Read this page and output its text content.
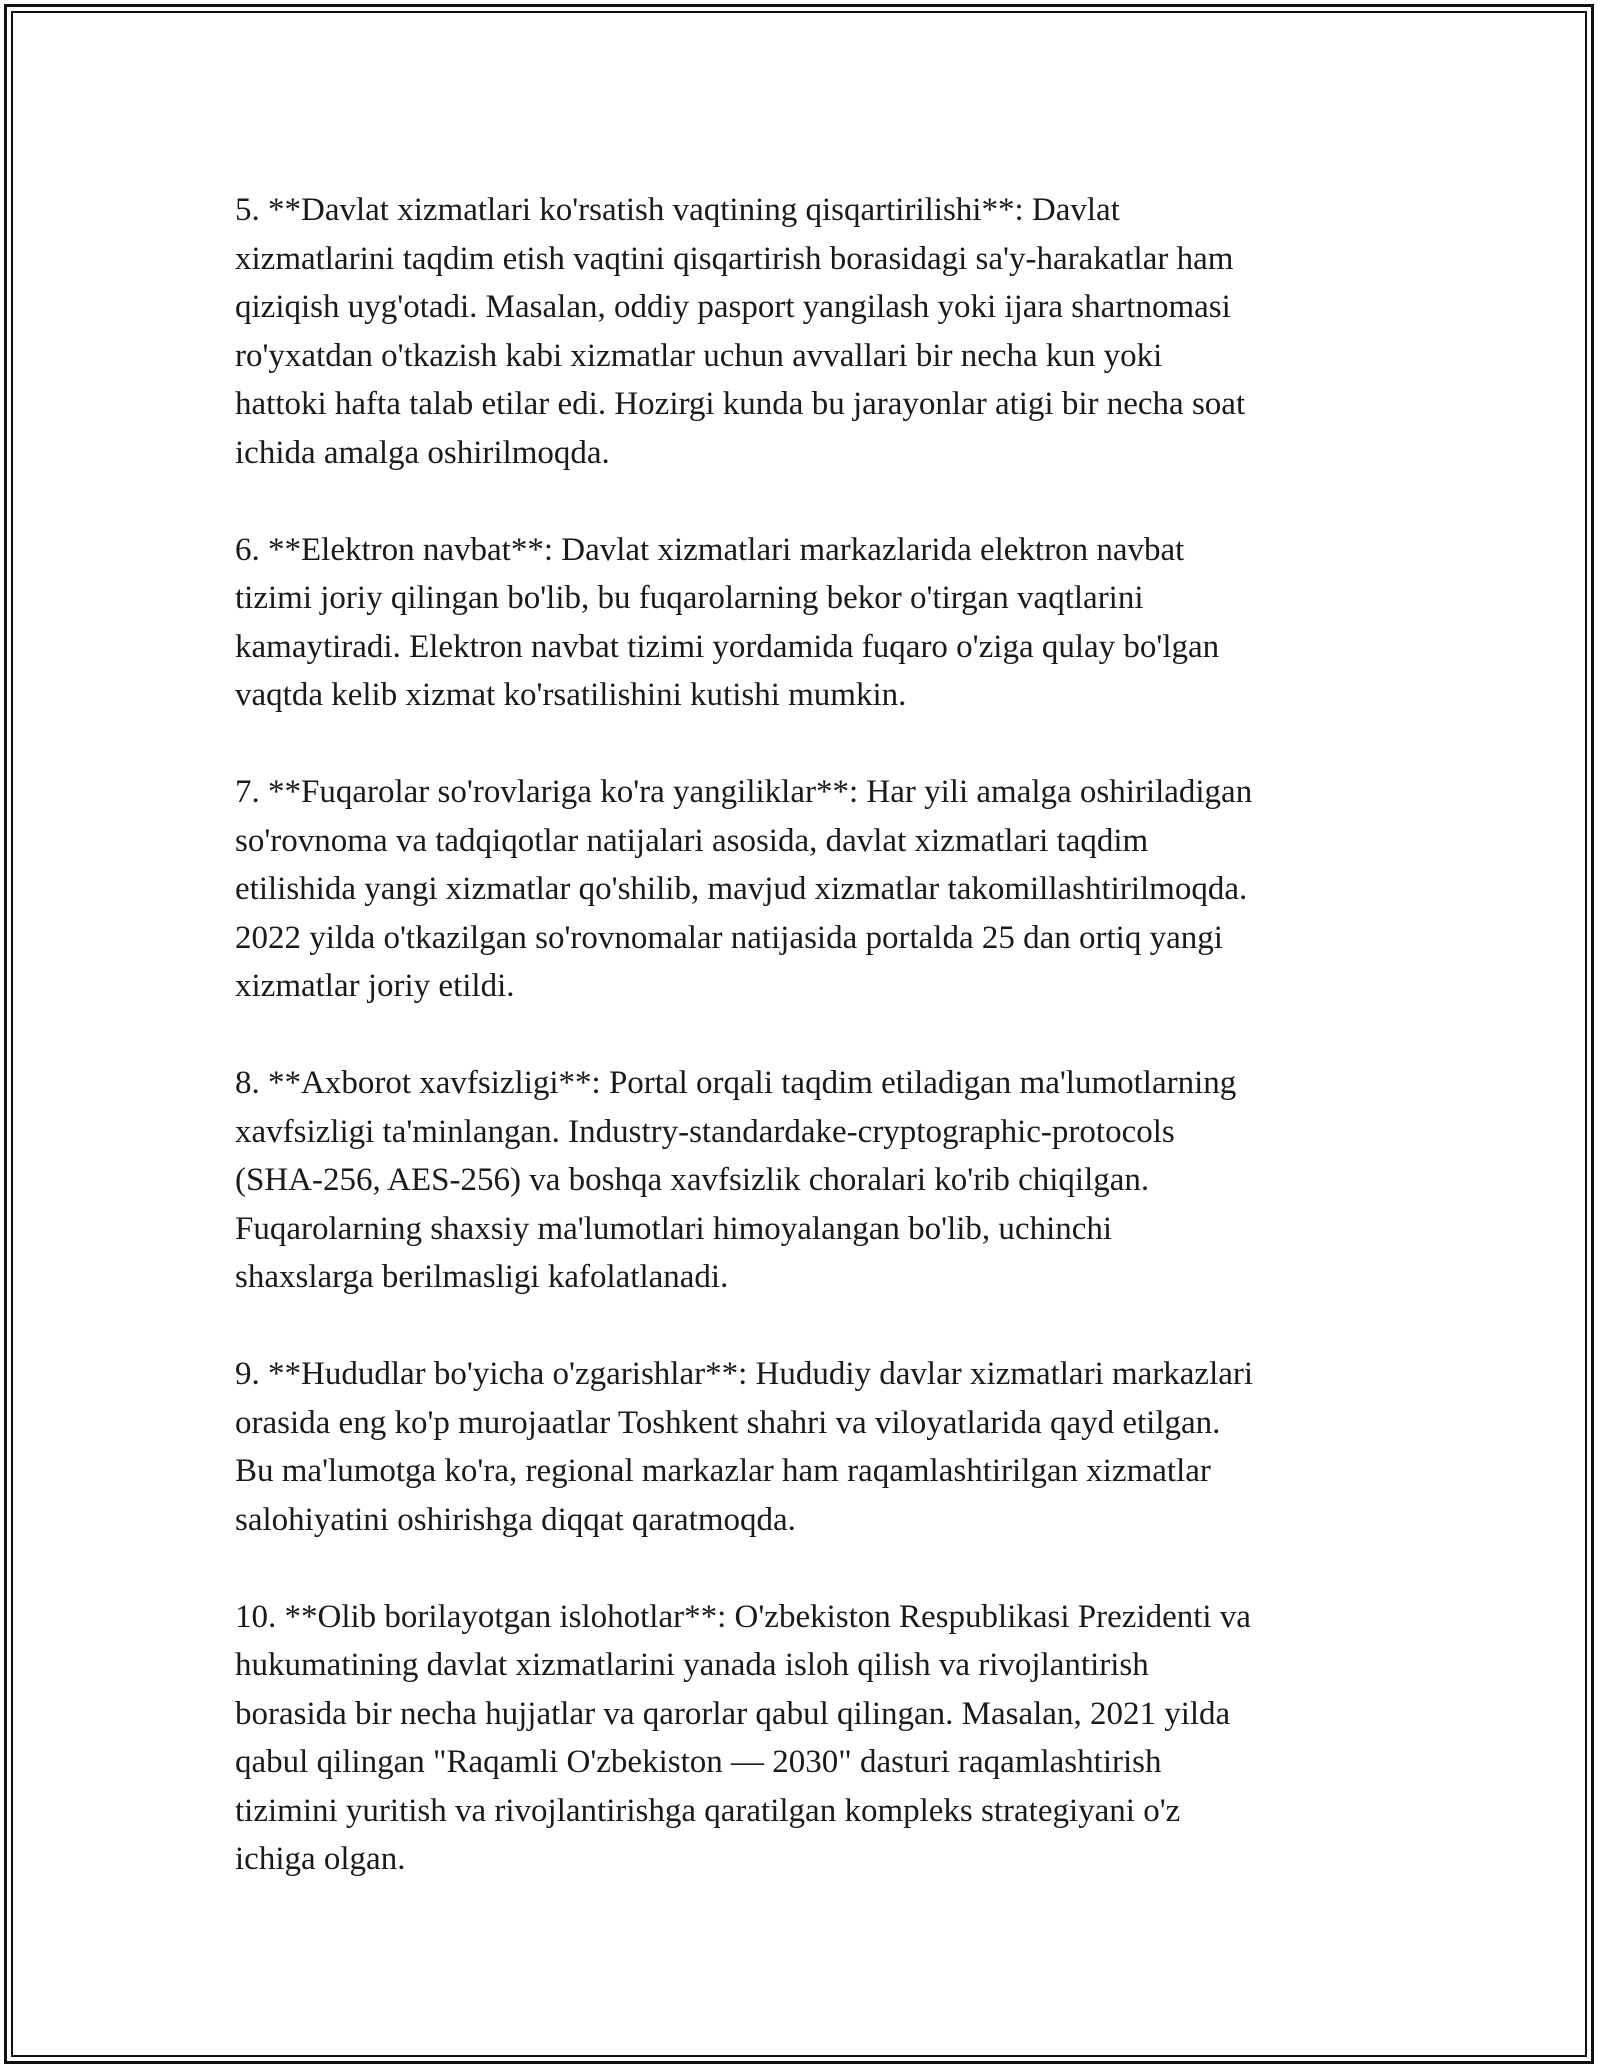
5. **Davlat xizmatlari ko'rsatish vaqtining qisqartirilishi**: Davlat
xizmatlarini taqdim etish vaqtini qisqartirish borasidagi sa'y-harakatlar ham
qiziqish uyg'otadi. Masalan, oddiy pasport yangilash yoki ijara shartnomasi
ro'yxatdan o'tkazish kabi xizmatlar uchun avvallari bir necha kun yoki
hattoki hafta talab etilar edi. Hozirgi kunda bu jarayonlar atigi bir necha soat
ichida amalga oshirilmoqda.

6. **Elektron navbat**: Davlat xizmatlari markazlarida elektron navbat
tizimi joriy qilingan bo'lib, bu fuqarolarning bekor o'tirgan vaqtlarini
kamaytiradi. Elektron navbat tizimi yordamida fuqaro o'ziga qulay bo'lgan
vaqtda kelib xizmat ko'rsatilishini kutishi mumkin.

7. **Fuqarolar so'rovlariga ko'ra yangiliklar**: Har yili amalga oshiriladigan
so'rovnoma va tadqiqotlar natijalari asosida, davlat xizmatlari taqdim
etilishida yangi xizmatlar qo'shilib, mavjud xizmatlar takomillashtirilmoqda.
2022 yilda o'tkazilgan so'rovnomalar natijasida portalda 25 dan ortiq yangi
xizmatlar joriy etildi.

8. **Axborot xavfsizligi**: Portal orqali taqdim etiladigan ma'lumotlarning
xavfsizligi ta'minlangan. Industry-standardake-cryptographic-protocols
(SHA-256, AES-256) va boshqa xavfsizlik choralari ko'rib chiqilgan.
Fuqarolarning shaxsiy ma'lumotlari himoyalangan bo'lib, uchinchi
shaxslarga berilmasligi kafolatlanadi.

9. **Hududlar bo'yicha o'zgarishlar**: Hududiy davlar xizmatlari markazlari
orasida eng ko'p murojaatlar Toshkent shahri va viloyatlarida qayd etilgan.
Bu ma'lumotga ko'ra, regional markazlar ham raqamlashtirilgan xizmatlar
salohiyatini oshirishga diqqat qaratmoqda.

10. **Olib borilayotgan islohotlar**: O'zbekiston Respublikasi Prezidenti va
hukumatining davlat xizmatlarini yanada isloh qilish va rivojlantirish
borasida bir necha hujjatlar va qarorlar qabul qilingan. Masalan, 2021 yilda
qabul qilingan "Raqamli O'zbekiston — 2030" dasturi raqamlashtirish
tizimini yuritish va rivojlantirishga qaratilgan kompleks strategiyani o'z
ichiga olgan.
